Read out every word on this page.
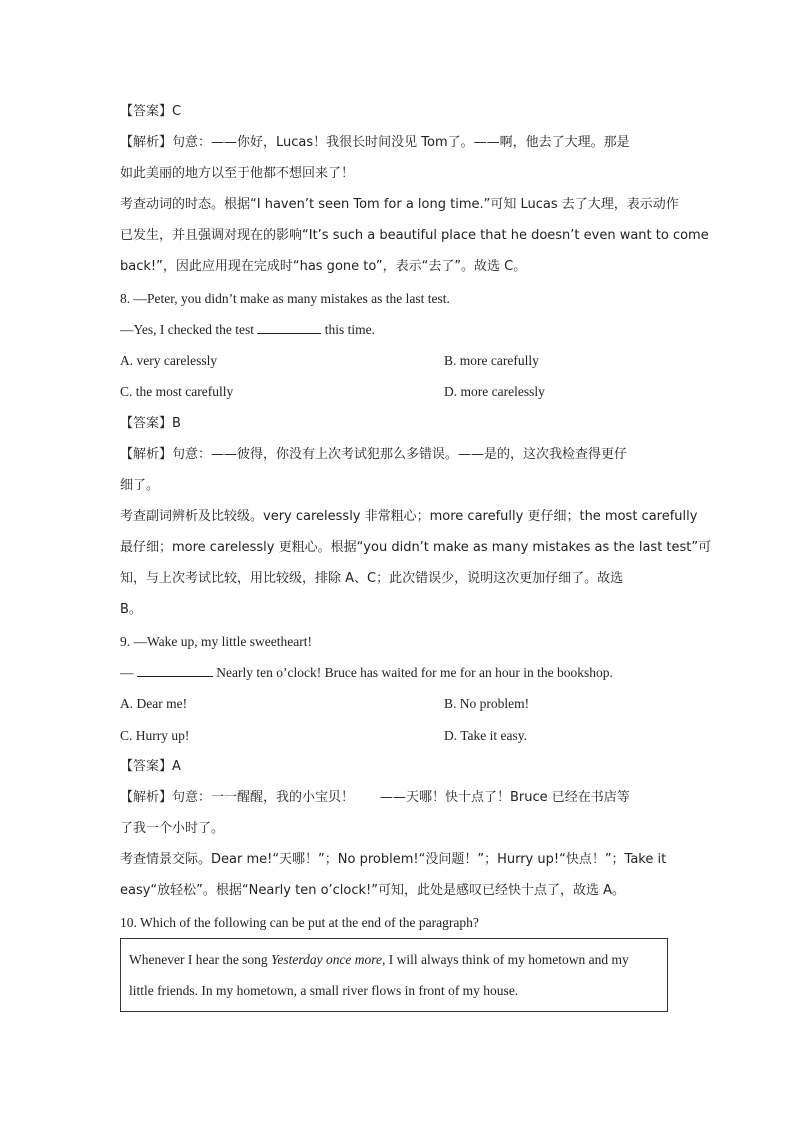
【答案】C
【解析】句意：——你好，Lucas！我很长时间没见 Tom了。——啊，他去了大理。那是
如此美丽的地方以至于他都不想回来了！
考查动词的时态。根据“I haven’t seen Tom for a long time.”可知 Lucas 去了大理，表示动作
已发生，并且强调对现在的影响“It’s such a beautiful place that he doesn’t even want to come
back!”，因此应用现在完成时“has gone to”，表示“去了”。故选 C。
8. —Peter, you didn’t make as many mistakes as the last test.
—Yes, I checked the test	this time.
A. very carelessly	B. more carefully
C. the most carefully	D. more carelessly
【答案】B
【解析】句意：——彼得，你没有上次考试犯那么多错误。——是的，这次我检查得更仔
细了。
考查副词辨析及比较级。very carelessly 非常粗心；more carefully 更仔细；the most carefully
最仔细；more carelessly 更粗心。根据“you didn’t make as many mistakes as the last test”可
知，与上次考试比较，用比较级，排除 A、C；此次错误少，说明这次更加仔细了。故选
B。
9. —Wake up, my little sweetheart!
—	Nearly ten o’clock! Bruce has waited for me for an hour in the bookshop.
A. Dear me!	B. No problem!
C. Hurry up!	D. Take it easy.
【答案】A
【解析】句意：一一醒醒，我的小宝贝！　　——天哪！快十点了！Bruce 已经在书店等
了我一个小时了。
考查情景交际。Dear me!“天哪！”；No problem!“没问题！”；Hurry up!“快点！”；Take it
easy“放轻松”。根据“Nearly ten o’clock!”可知，此处是感叹已经快十点了，故选 A。
10. Which of the following can be put at the end of the paragraph?
Whenever I hear the song Yesterday once more, I will always think of my hometown and my
little friends. In my hometown, a small river flows in front of my house.
